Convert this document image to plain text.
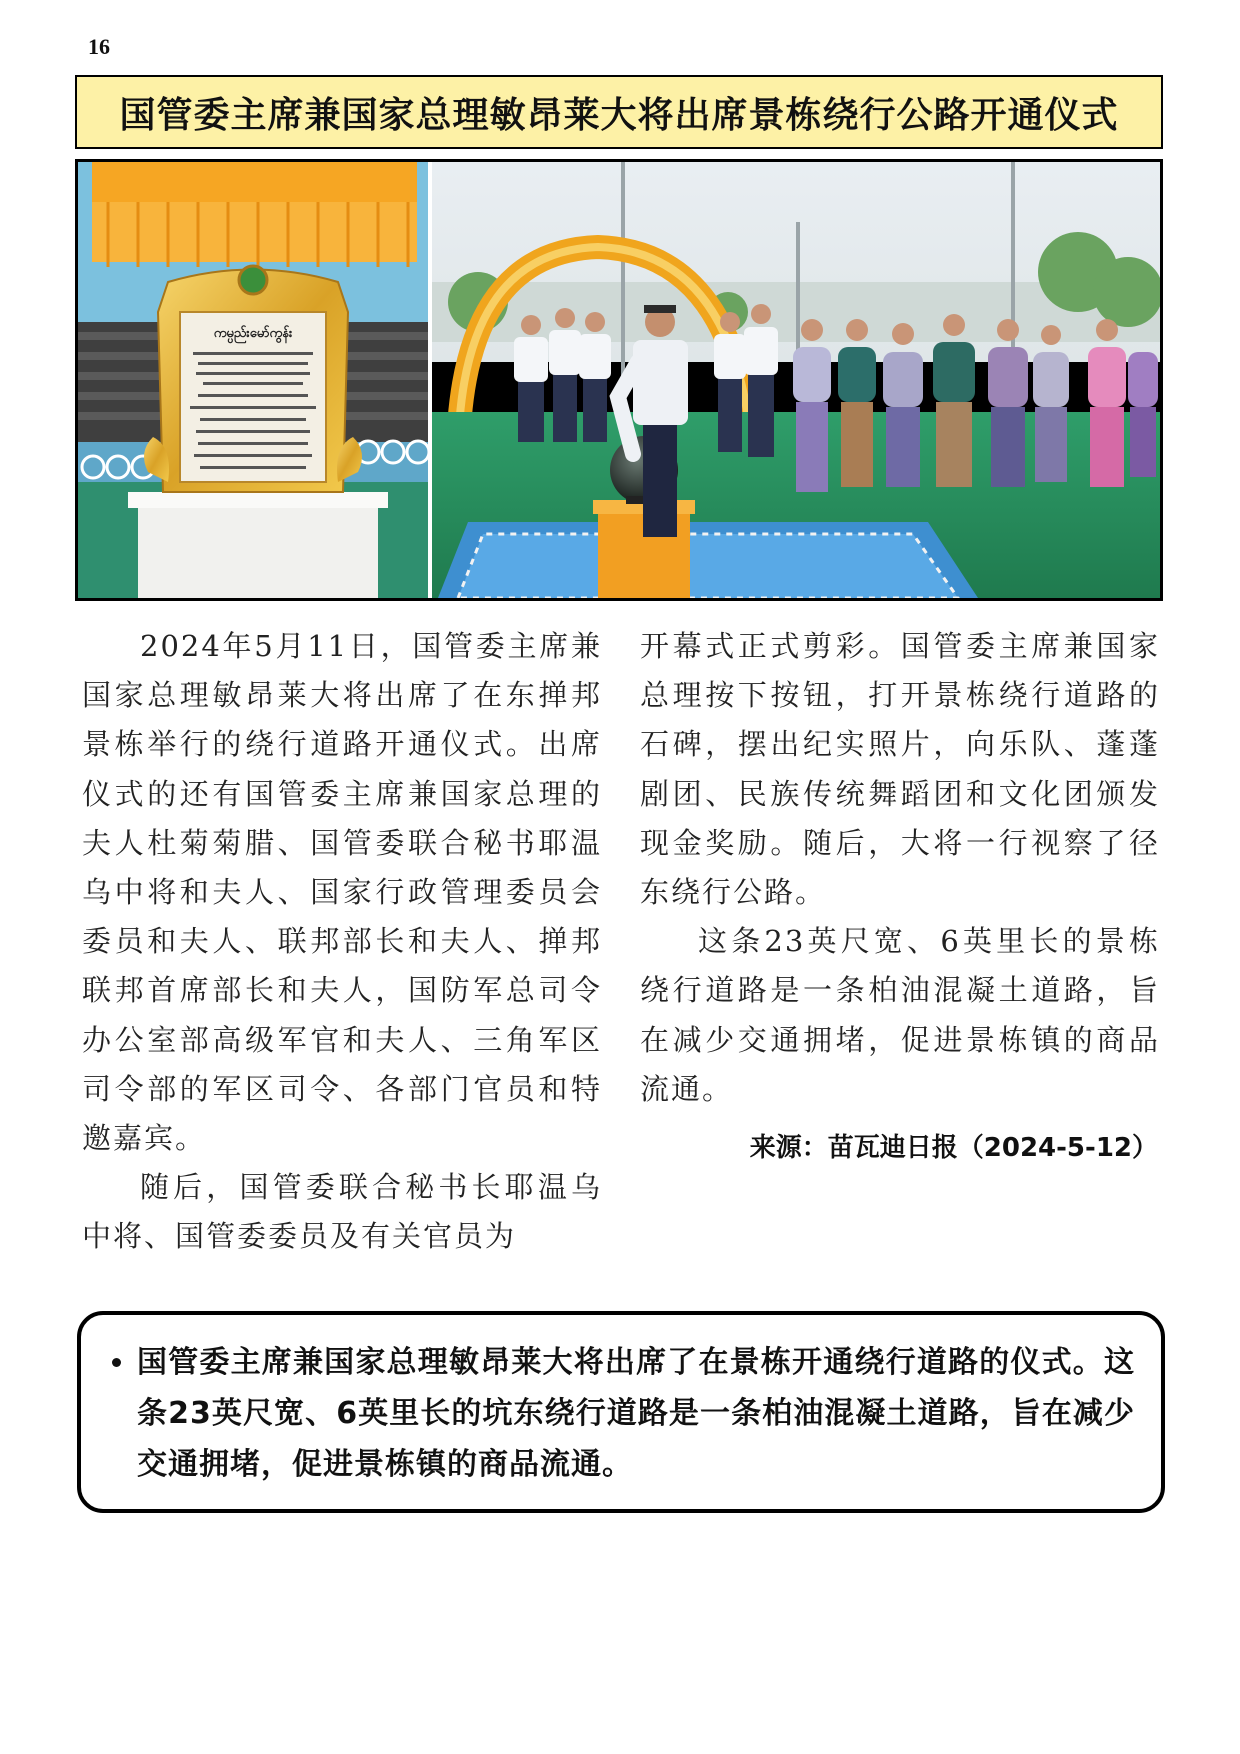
16
国管委主席兼国家总理敏昂莱大将出席景栋绕行公路开通仪式
ကမ္ပည်းမော်ကွန်း

2024年5月11日，国管委主席兼国家总理敏昂莱大将出席了在东掸邦景栋举行的绕行道路开通仪式。出席仪式的还有国管委主席兼国家总理的夫人杜菊菊腊、国管委联合秘书耶温乌中将和夫人、国家行政管理委员会委员和夫人、联邦部长和夫人、掸邦联邦首席部长和夫人，国防军总司令办公室部高级军官和夫人、三角军区司令部的军区司令、各部门官员和特邀嘉宾。

随后，国管委联合秘书长耶温乌中将、国管委委员及有关官员为

开幕式正式剪彩。国管委主席兼国家总理按下按钮，打开景栋绕行道路的石碑，摆出纪实照片，向乐队、蓬蓬剧团、民族传统舞蹈团和文化团颁发现金奖励。随后，大将一行视察了径东绕行公路。

这条23英尺宽、6英里长的景栋绕行道路是一条柏油混凝土道路，旨在减少交通拥堵，促进景栋镇的商品流通。

来源：苗瓦迪日报（2024-5-12）
• 国管委主席兼国家总理敏昂莱大将出席了在景栋开通绕行道路的仪式。这条23英尺宽、6英里长的坑东绕行道路是一条柏油混凝土道路，旨在减少交通拥堵，促进景栋镇的商品流通。
